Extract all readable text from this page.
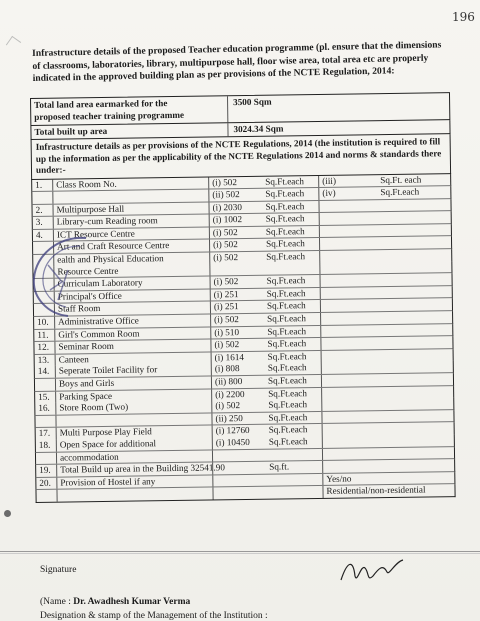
196
Infrastructure details of the proposed Teacher education programme (pl. ensure that the dimensions of classrooms, laboratories, library, multipurpose hall, floor wise area, total area etc are properly indicated in the approved building plan as per provisions of the NCTE Regulation, 2014:
Total land area earmarked for the proposed teacher training programme
3500 Sqm
Total built up area	3024.34 Sqm
Infrastructure details as per provisions of the NCTE Regulations, 2014 (the institution is required to fill up the information as per the applicability of the NCTE Regulations 2014 and norms & standards there under:-
1.	Class Room No.	(i) 502	Sq.Ft.each (iii)	Sq.Ft. each
(ii) 502	Sq.Ft.each (iv)	Sq.Ft.each
2.	Multipurpose Hall	(i) 2030	Sq.Ft.each
3.	Library-cum Reading room	(i) 1002	Sq.Ft.each
4.	ICT Resource Centre	(i) 502	Sq.Ft.each
Art and Craft Resource Centre	(i) 502	Sq.Ft.each
ealth and Physical Education	(i) 502	Sq.Ft.each
Resource Centre
Curriculam Laboratory	(i) 502	Sq.Ft.each
Principal's Office	(i) 251	Sq.Ft.each
Staff Room	(i) 251	Sq.Ft.each
10.	Administrative Office	(i) 502	Sq.Ft.each
11.	Girl's Common Room	(i) 510	Sq.Ft.each
12.	Seminar Room	(i) 502	Sq.Ft.each
13.	Canteen	(i) 1614	Sq.Ft.each
14.	Seperate Toilet Facility for	(i) 808	Sq.Ft.each
Boys and Girls	(ii) 800	Sq.Ft.each
15.	Parking Space	(i) 2200	Sq.Ft.each
16.	Store Room (Two)	(i) 502	Sq.Ft.each
(ii) 250	Sq.Ft.each
17.	Multi Purpose Play Field	(i) 12760 Sq.Ft.each
18.	Open Space for additional	(i) 10450 Sq.Ft.each
accommodation
19.	Total Build up area in the Building 32541.90	Sq.ft.
20.	Provision of Hostel if any	Yes/no
Residential/non-residential
Signature
(Name : Dr. Awadhesh Kumar Verma
Designation & stamp of the Management of the Institution :
